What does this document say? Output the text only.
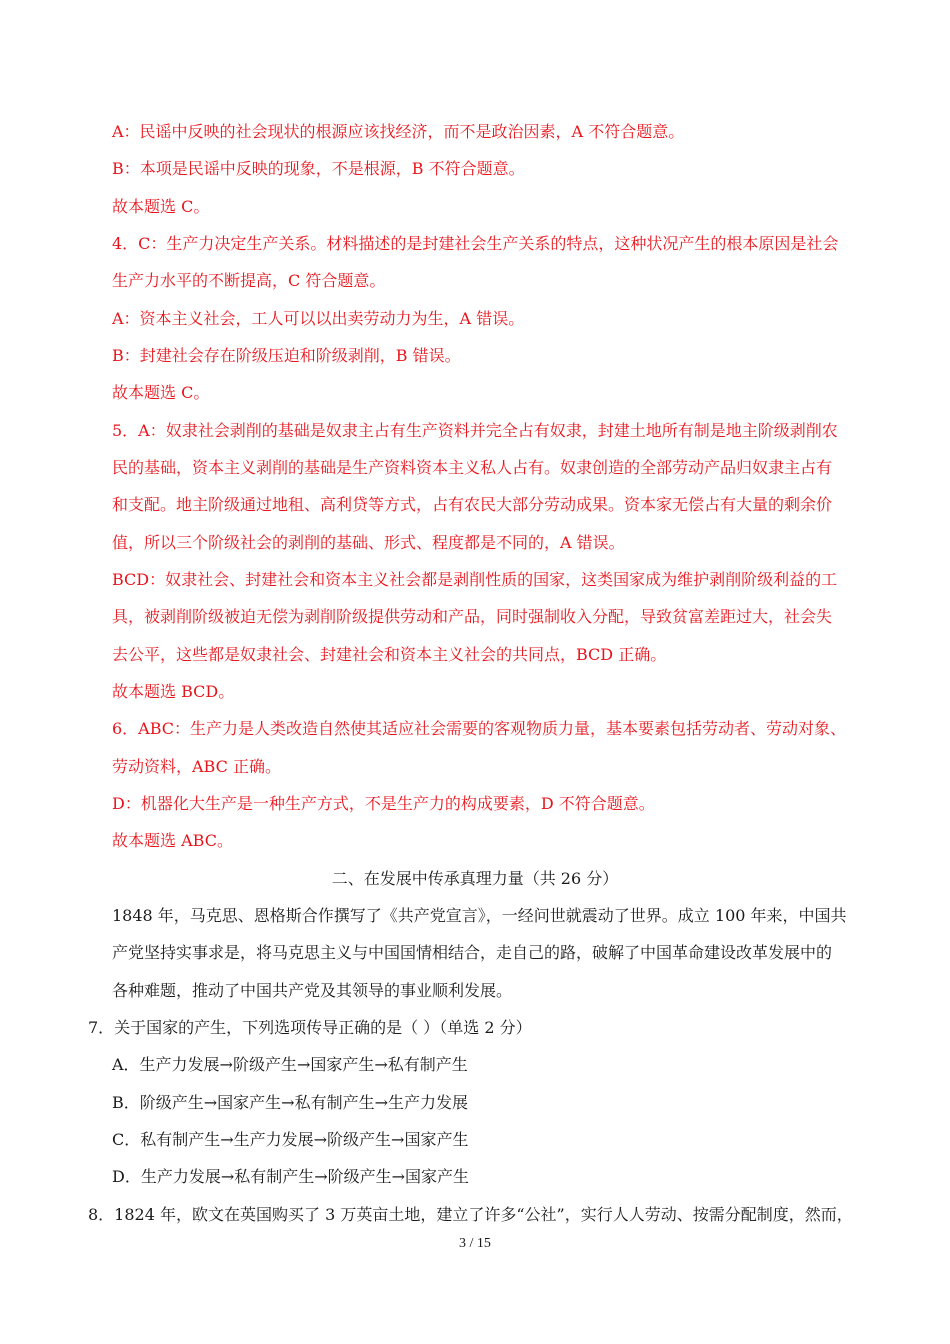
A：民谣中反映的社会现状的根源应该找经济，而不是政治因素，A 不符合题意。
B：本项是民谣中反映的现象，不是根源，B 不符合题意。
故本题选 C。
4．C：生产力决定生产关系。材料描述的是封建社会生产关系的特点，这种状况产生的根本原因是社会
生产力水平的不断提高，C 符合题意。
A：资本主义社会，工人可以以出卖劳动力为生，A 错误。
B：封建社会存在阶级压迫和阶级剥削，B 错误。
故本题选 C。
5．A：奴隶社会剥削的基础是奴隶主占有生产资料并完全占有奴隶，封建土地所有制是地主阶级剥削农
民的基础，资本主义剥削的基础是生产资料资本主义私人占有。奴隶创造的全部劳动产品归奴隶主占有
和支配。地主阶级通过地租、高利贷等方式，占有农民大部分劳动成果。资本家无偿占有大量的剩余价
值，所以三个阶级社会的剥削的基础、形式、程度都是不同的，A 错误。
BCD：奴隶社会、封建社会和资本主义社会都是剥削性质的国家，这类国家成为维护剥削阶级利益的工
具，被剥削阶级被迫无偿为剥削阶级提供劳动和产品，同时强制收入分配，导致贫富差距过大，社会失
去公平，这些都是奴隶社会、封建社会和资本主义社会的共同点，BCD 正确。
故本题选 BCD。
6．ABC：生产力是人类改造自然使其适应社会需要的客观物质力量，基本要素包括劳动者、劳动对象、
劳动资料，ABC 正确。
D：机器化大生产是一种生产方式，不是生产力的构成要素，D 不符合题意。
故本题选 ABC。
二、在发展中传承真理力量（共 26 分）
1848 年，马克思、恩格斯合作撰写了《共产党宣言》，一经问世就震动了世界。成立 100 年来，中国共
产党坚持实事求是，将马克思主义与中国国情相结合，走自己的路，破解了中国革命建设改革发展中的
各种难题，推动了中国共产党及其领导的事业顺利发展。
7．关于国家的产生，下列选项传导正确的是（ ）（单选 2 分）
A．生产力发展→阶级产生→国家产生→私有制产生
B．阶级产生→国家产生→私有制产生→生产力发展
C．私有制产生→生产力发展→阶级产生→国家产生
D．生产力发展→私有制产生→阶级产生→国家产生
8．1824 年，欧文在英国购买了 3 万英亩土地，建立了许多“公社”，实行人人劳动、按需分配制度，然而，
3 / 15
